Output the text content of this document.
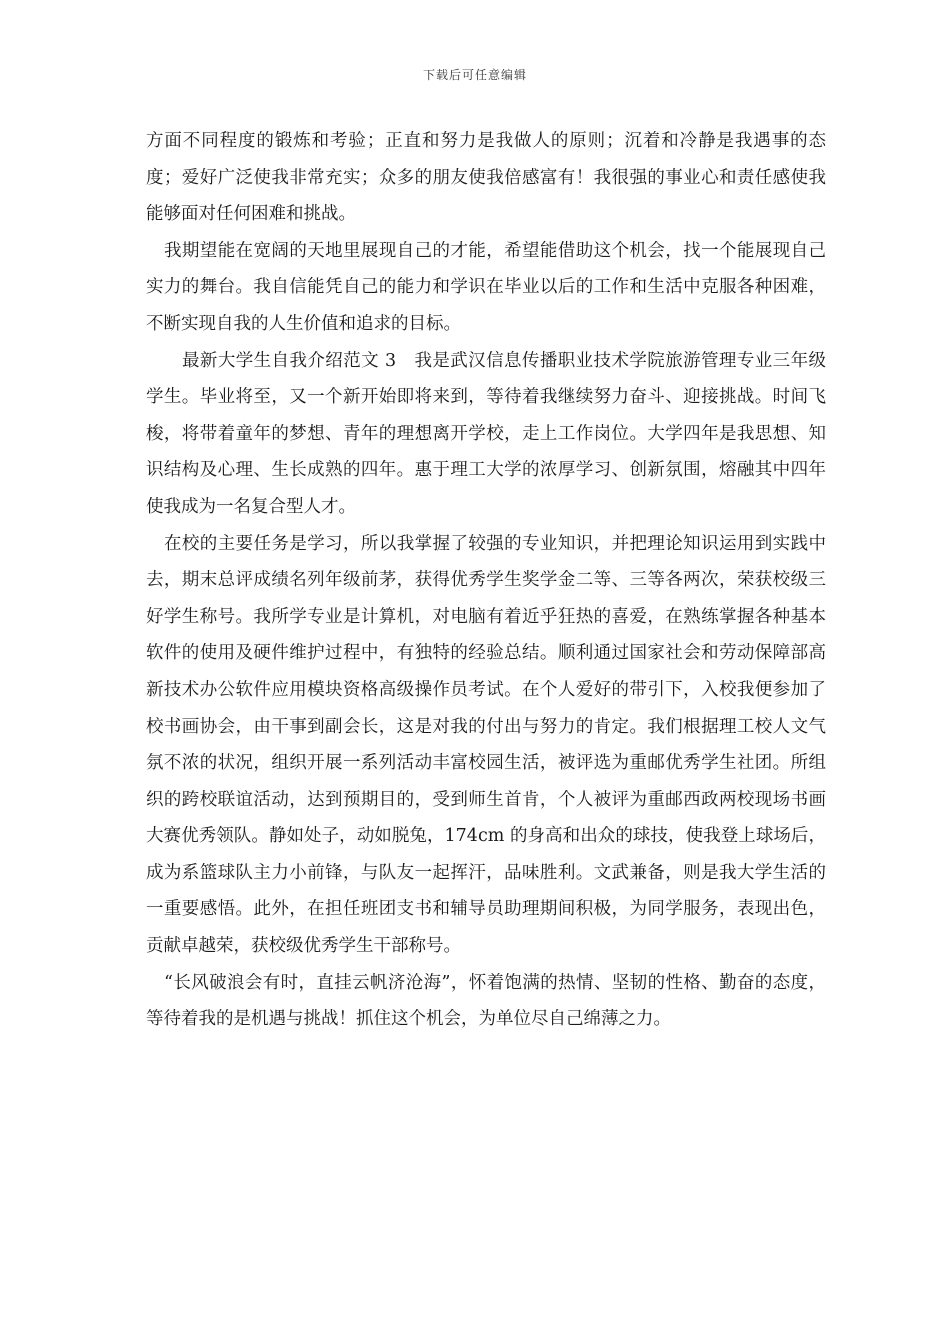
下载后可任意编辑

方面不同程度的锻炼和考验；正直和努力是我做人的原则；沉着和冷静是我遇事的态度；爱好广泛使我非常充实；众多的朋友使我倍感富有！我很强的事业心和责任感使我能够面对任何困难和挑战。

我期望能在宽阔的天地里展现自己的才能，希望能借助这个机会，找一个能展现自己实力的舞台。我自信能凭自己的能力和学识在毕业以后的工作和生活中克服各种困难，不断实现自我的人生价值和追求的目标。

最新大学生自我介绍范文 3　我是武汉信息传播职业技术学院旅游管理专业三年级学生。毕业将至，又一个新开始即将来到，等待着我继续努力奋斗、迎接挑战。时间飞梭，将带着童年的梦想、青年的理想离开学校，走上工作岗位。大学四年是我思想、知识结构及心理、生长成熟的四年。惠于理工大学的浓厚学习、创新氛围，熔融其中四年使我成为一名复合型人才。

在校的主要任务是学习，所以我掌握了较强的专业知识，并把理论知识运用到实践中去，期末总评成绩名列年级前茅，获得优秀学生奖学金二等、三等各两次，荣获校级三好学生称号。我所学专业是计算机，对电脑有着近乎狂热的喜爱，在熟练掌握各种基本软件的使用及硬件维护过程中，有独特的经验总结。顺利通过国家社会和劳动保障部高新技术办公软件应用模块资格高级操作员考试。在个人爱好的带引下，入校我便参加了校书画协会，由干事到副会长，这是对我的付出与努力的肯定。我们根据理工校人文气氛不浓的状况，组织开展一系列活动丰富校园生活，被评选为重邮优秀学生社团。所组织的跨校联谊活动，达到预期目的，受到师生首肯，个人被评为重邮西政两校现场书画大赛优秀领队。静如处子，动如脱兔，174cm 的身高和出众的球技，使我登上球场后，成为系篮球队主力小前锋，与队友一起挥汗，品味胜利。文武兼备，则是我大学生活的一重要感悟。此外，在担任班团支书和辅导员助理期间积极，为同学服务，表现出色，贡献卓越荣，获校级优秀学生干部称号。

“长风破浪会有时，直挂云帆济沧海”，怀着饱满的热情、坚韧的性格、勤奋的态度，等待着我的是机遇与挑战！抓住这个机会，为单位尽自己绵薄之力。
